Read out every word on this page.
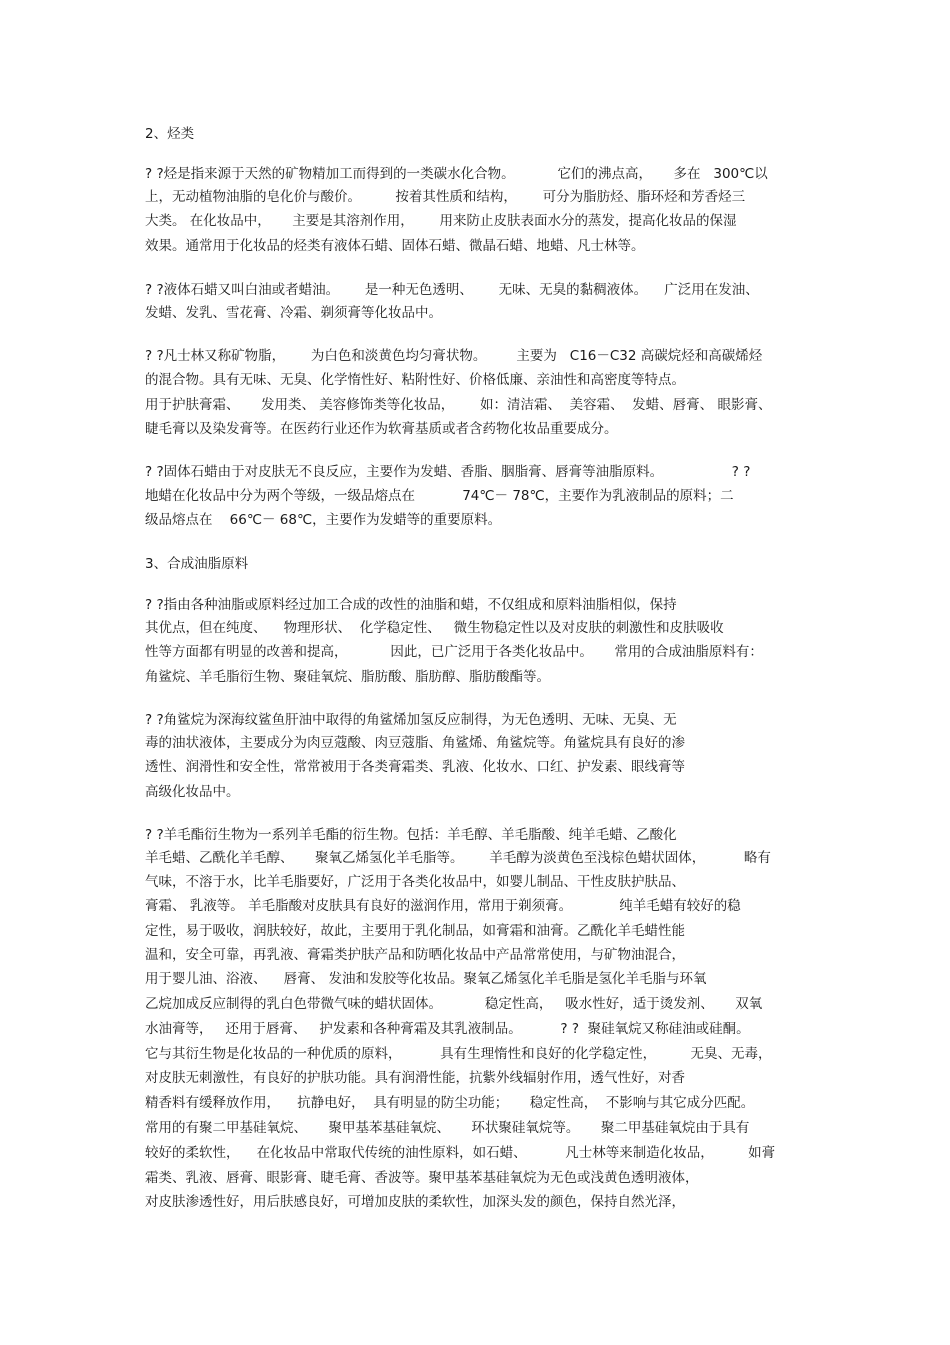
2、烃类
? ?烃是指来源于天然的矿物精加工而得到的一类碳水化合物。          它们的沸点高，     多在   300℃以
上，无动植物油脂的皂化价与酸价。        按着其性质和结构，      可分为脂肪烃、脂环烃和芳香烃三
大类。 在化妆品中，     主要是其溶剂作用，      用来防止皮肤表面水分的蒸发，提高化妆品的保湿
效果。通常用于化妆品的烃类有液体石蜡、固体石蜡、微晶石蜡、地蜡、凡士林等。
? ?液体石蜡又叫白油或者蜡油。      是一种无色透明、      无味、无臭的黏稠液体。    广泛用在发油、
发蜡、发乳、雪花膏、冷霜、剃须膏等化妆品中。
? ?凡士林又称矿物脂，      为白色和淡黄色均匀膏状物。       主要为   C16－C32 高碳烷烃和高碳烯烃
的混合物。具有无味、无臭、化学惰性好、粘附性好、价格低廉、亲油性和高密度等特点。
用于护肤膏霜、     发用类、 美容修饰类等化妆品，      如：清洁霜、  美容霜、  发蜡、唇膏、 眼影膏、
睫毛膏以及染发膏等。在医药行业还作为软膏基质或者含药物化妆品重要成分。
? ?固体石蜡由于对皮肤无不良反应，主要作为发蜡、香脂、胭脂膏、唇膏等油脂原料。                ? ?
地蜡在化妆品中分为两个等级，一级品熔点在           74℃－ 78℃，主要作为乳液制品的原料；二
级品熔点在    66℃－ 68℃，主要作为发蜡等的重要原料。
3、合成油脂原料
? ?指由各种油脂或原料经过加工合成的改性的油脂和蜡，不仅组成和原料油脂相似，保持
其优点，但在纯度、    物理形状、  化学稳定性、   微生物稳定性以及对皮肤的刺激性和皮肤吸收
性等方面都有明显的改善和提高，          因此，已广泛用于各类化妆品中。     常用的合成油脂原料有：
角鲨烷、羊毛脂衍生物、聚硅氧烷、脂肪酸、脂肪醇、脂肪酸酯等。
? ?角鲨烷为深海纹鲨鱼肝油中取得的角鲨烯加氢反应制得，为无色透明、无味、无臭、无
毒的油状液体，主要成分为肉豆蔻酸、肉豆蔻脂、角鲨烯、角鲨烷等。角鲨烷具有良好的渗
透性、润滑性和安全性，常常被用于各类膏霜类、乳液、化妆水、口红、护发素、眼线膏等
高级化妆品中。
? ?羊毛酯衍生物为一系列羊毛酯的衍生物。包括：羊毛醇、羊毛脂酸、纯羊毛蜡、乙酸化
羊毛蜡、乙酰化羊毛醇、     聚氧乙烯氢化羊毛脂等。      羊毛醇为淡黄色至浅棕色蜡状固体，         略有
气味，不溶于水，比羊毛脂要好，广泛用于各类化妆品中，如婴儿制品、干性皮肤护肤品、
膏霜、 乳液等。 羊毛脂酸对皮肤具有良好的滋润作用，常用于剃须膏。           纯羊毛蜡有较好的稳
定性，易于吸收，润肤较好，故此，主要用于乳化制品，如膏霜和油膏。乙酰化羊毛蜡性能
温和，安全可靠，再乳液、膏霜类护肤产品和防晒化妆品中产品常常使用，与矿物油混合，
用于婴儿油、浴液、    唇膏、 发油和发胶等化妆品。聚氧乙烯氢化羊毛脂是氢化羊毛脂与环氧
乙烷加成反应制得的乳白色带微气味的蜡状固体。          稳定性高，   吸水性好，适于烫发剂、     双氧
水油膏等，   还用于唇膏、   护发素和各种膏霜及其乳液制品。         ? ?  聚硅氧烷又称硅油或硅酮。
它与其衍生物是化妆品的一种优质的原料，         具有生理惰性和良好的化学稳定性，        无臭、无毒，
对皮肤无刺激性，有良好的护肤功能。具有润滑性能，抗紫外线辐射作用，透气性好，对香
精香料有缓释放作用，    抗静电好，  具有明显的防尘功能；     稳定性高，  不影响与其它成分匹配。
常用的有聚二甲基硅氧烷、     聚甲基苯基硅氧烷、     环状聚硅氧烷等。     聚二甲基硅氧烷由于具有
较好的柔软性，    在化妆品中常取代传统的油性原料，如石蜡、         凡士林等来制造化妆品，        如膏
霜类、乳液、唇膏、眼影膏、睫毛膏、香波等。聚甲基苯基硅氧烷为无色或浅黄色透明液体，
对皮肤渗透性好，用后肤感良好，可增加皮肤的柔软性，加深头发的颜色，保持自然光泽，
